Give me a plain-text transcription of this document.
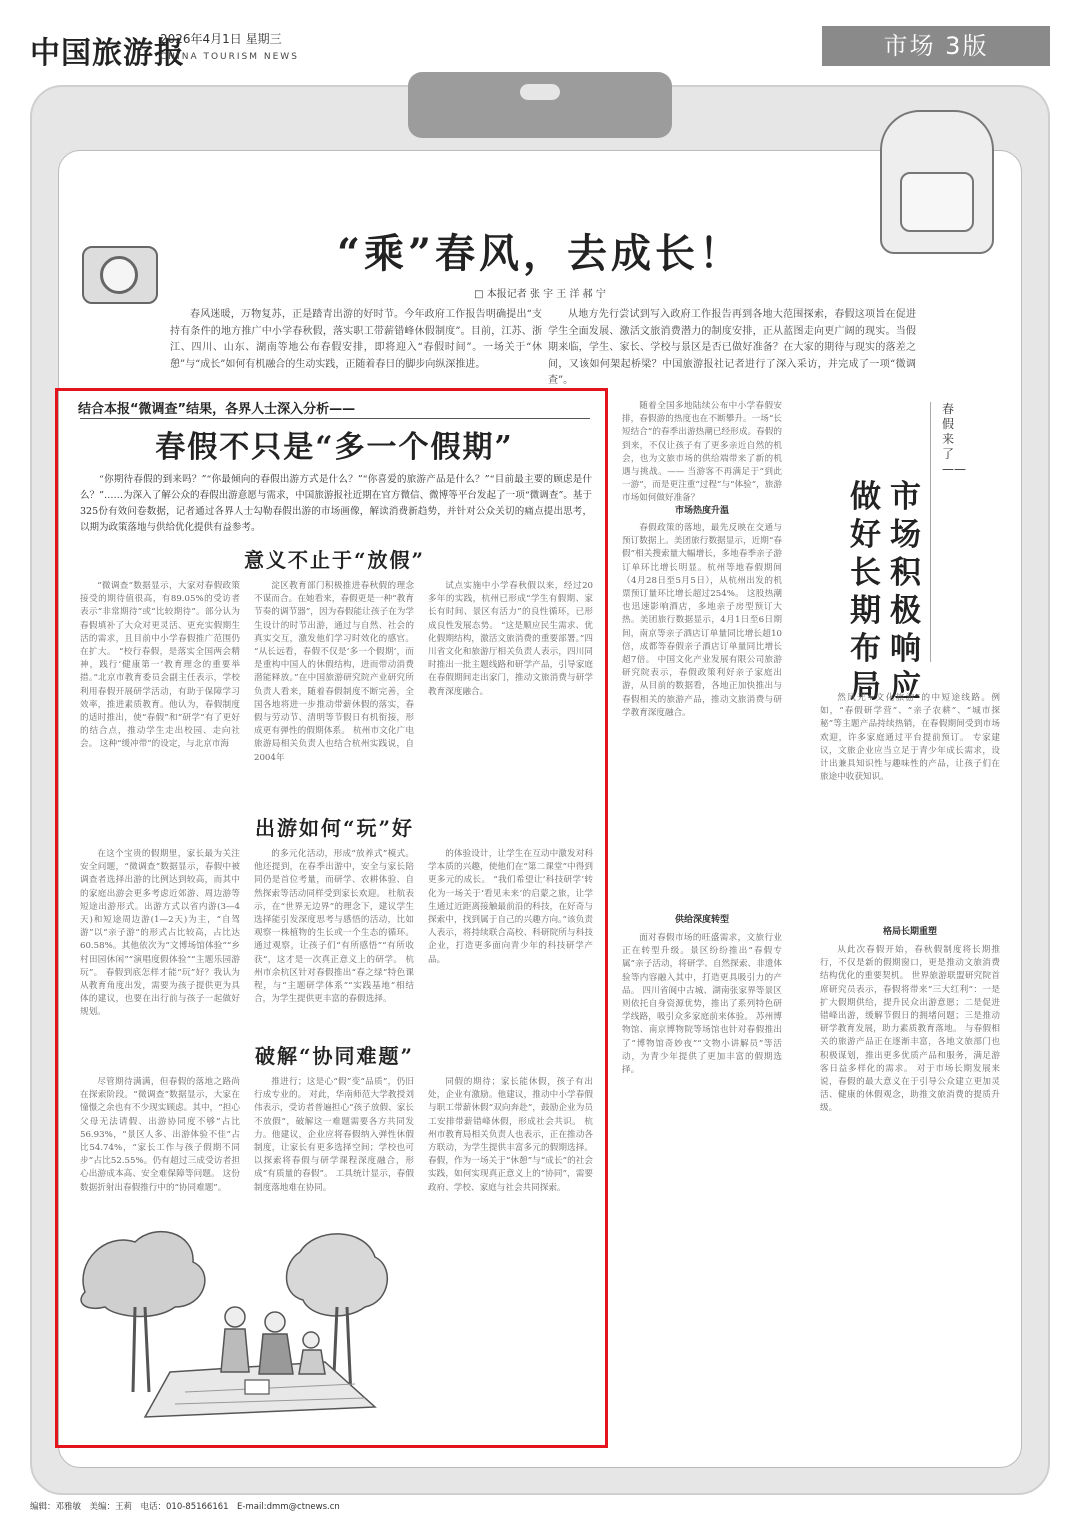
中国旅游报
2026年4月1日 星期三
CHINA TOURISM NEWS	市场 3版
“乘”春风，去成长！
□ 本报记者 张 宇 王 洋 郝 宁
春风迷暖，万物复苏，正是踏青出游的好时节。今年政府工作报告明确提出“支持有条件的地方推广中小学春秋假，落实职工带薪错峰休假制度”。目前，江苏、浙江、四川、山东、湖南等地公布春假安排，即将迎入“春假时间”。一场关于“休憩”与“成长”如何有机融合的生动实践，正随着春日的脚步向纵深推进。
从地方先行尝试到写入政府工作报告再到各地大范围探索，春假这项旨在促进学生全面发展、激活文旅消费潜力的制度安排，正从蓝图走向更广阔的现实。当假期来临，学生、家长、学校与景区是否已做好准备？在大家的期待与现实的落差之间，又该如何架起桥梁？中国旅游报社记者进行了深入采访，并完成了一项“微调查”。
结合本报“微调查”结果，各界人士深入分析——
春假不只是“多一个假期”
“你期待春假的到来吗？”“你最倾向的春假出游方式是什么？”“你喜爱的旅游产品是什么？”“目前最主要的顾虑是什么？”……为深入了解公众的春假出游意愿与需求，中国旅游报社近期在官方微信、微博等平台发起了一项“微调查”。基于325份有效问卷数据，记者通过各界人士勾勒春假出游的市场画像，解读消费新趋势，并针对公众关切的痛点提出思考，以期为政策落地与供给优化提供有益参考。
意义不止于“放假”

“微调查”数据显示，大家对春假政策接受的期待值很高，有89.05%的受访者表示“非常期待”或“比较期待”。部分认为春假填补了大众对更灵活、更充实假期生活的需求，且目前中小学春假推广范围仍在扩大。 “校行春假，是落实全国两会精神，践行‘健康第一’教育理念的重要举措。”北京市教育委员会副主任表示，学校利用春假开展研学活动，有助于保障学习效率，推进素质教育。他认为，春假制度的适时推出，使“春假”和“研学”有了更好的结合点，推动学生走出校园、走向社会。 这种“缓冲带”的设定，与北京市海

淀区教育部门积极推进春秋假的理念不谋而合。在她看来，春假更是一种“教育节奏的调节器”，因为春假能让孩子在为学生设计的时节出游，通过与自然、社会的真实交互，激发他们学习时效化的感官。 “从长远看，春假不仅是‘多一个假期’，而是重构中国人的休假结构，进而带动消费潜能释放。”在中国旅游研究院产业研究所负责人看来，随着春假制度不断完善，全国各地将进一步推动带薪休假的落实，春假与劳动节、清明等节假日有机衔接，形成更有弹性的假期体系。 杭州市文化广电旅游局相关负责人也结合杭州实践说，自2004年

试点实施中小学春秋假以来，经过20多年的实践，杭州已形成“学生有假期、家长有时间、景区有活力”的良性循环，已形成良性发展态势。 “这是顺应民生需求、优化假期结构，激活文旅消费的重要部署。”四川省文化和旅游厅相关负责人表示，四川同时推出一批主题线路和研学产品，引导家庭在春假期间走出家门，推动文旅消费与研学教育深度融合。

出游如何“玩”好

在这个宝贵的假期里，家长最为关注安全问题，“微调查”数据显示，春假中被调查者选择出游的比例达到较高，而其中的家庭出游会更多考虑近郊游、周边游等短途出游形式。出游方式以省内游(3—4天)和短途周边游(1—2天)为主，“自驾游”以“亲子游”的形式占比较高，占比达60.58%。其他依次为“文博场馆体验”“乡村田园休闲”“演唱度假体验”“主题乐园游玩”。 春假到底怎样才能“玩”好？我认为从教育角度出发，需要为孩子提供更为具体的建议，也要在出行前与孩子一起做好规划。

的多元化活动，形成“放养式”模式。他还提到，在春季出游中，安全与家长陪同仍是首位考量，而研学、农耕体验、自然探索等活动同样受到家长欢迎。 杜航表示，在“世界无边界”的理念下，建议学生选择能引发深度思考与感悟的活动，比如观察一株植物的生长或一个生态的循环。通过观察，让孩子们“有所感悟”“有所收获”，这才是一次真正意义上的研学。 杭州市余杭区针对春假推出“春之绿”特色课程，与“主题研学体系”“实践基地”相结合，为学生提供更丰富的春假选择。

的体验设计，让学生在互动中激发对科学本质的兴趣，使他们在“第二课堂”中得到更多元的成长。 “我们希望让‘科技研学’转化为一场关于‘看见未来’的启蒙之旅，让学生通过近距离接触最前沿的科技，在好奇与探索中，找到属于自己的兴趣方向。”该负责人表示，将持续联合高校、科研院所与科技企业，打造更多面向青少年的科技研学产品。

破解“协同难题”

尽管期待满满，但春假的落地之路尚在探索阶段。“微调查”数据显示，大家在憧憬之余也有不少现实顾虑。其中，“担心父母无法请假、出游协同度不够”占比56.93%，“景区人多、出游体验不佳”占比54.74%，“家长工作与孩子假期不同步”占比52.55%。仍有超过三成受访者担心出游成本高、安全难保障等问题。 这份数据折射出春假推行中的“协同难题”。

推进行；这是心“假”变“品质”，仍旧行成专业的。 对此，华南师范大学教授刘伟表示，受访者普遍担心“孩子放假、家长不放假”，破解这一难题需要各方共同发力。他建议，企业应将春假纳入弹性休假制度，让家长有更多选择空间；学校也可以探索将春假与研学课程深度融合，形成“有质量的春假”。 工具统计显示，春假制度落地难在协同。

同假的期待；家长能休假，孩子有出处，企业有激励。他建议，推动中小学春假与职工带薪休假“双向奔赴”，鼓励企业为员工安排带薪错峰休假，形成社会共识。 杭州市教育局相关负责人也表示，正在推动各方联动，为学生提供丰富多元的假期选择。 春假，作为一场关于“休憩”与“成长”的社会实践，如何实现真正意义上的“协同”，需要政府、学校、家庭与社会共同探索。

春假来了——
市场积极响应
做好长期布局

随着全国多地陆续公布中小学春假安排，春假游的热度也在不断攀升。一场“长短结合”的春季出游热潮已经形成。春假的到来，不仅让孩子有了更多亲近自然的机会，也为文旅市场的供给端带来了新的机遇与挑战。—— 当游客不再满足于“到此一游”，而是更注重“过程”与“体验”，旅游市场如何做好准备？

市场热度升温

春假政策的落地，最先反映在交通与预订数据上。美团旅行数据显示，近期“春假”相关搜索量大幅增长，多地春季亲子游订单环比增长明显。杭州等地春假期间（4月28日至5月5日），从杭州出发的机票预订量环比增长超过254%。 这股热潮也迅速影响酒店，多地亲子房型预订大热。美团旅行数据显示，4月1日至6日期间，南京等亲子酒店订单量同比增长超10倍，成都等春假亲子酒店订单量同比增长超7倍。 中国文化产业发展有限公司旅游研究院表示，春假政策利好亲子家庭出游，从目前的数据看，各地正加快推出与春假相关的旅游产品，推动文旅消费与研学教育深度融合。

供给深度转型

面对春假市场的旺盛需求，文旅行业正在转型升级。景区纷纷推出“春假专属”亲子活动，将研学、自然探索、非遗体验等内容融入其中，打造更具吸引力的产品。 四川省阆中古城、湖南张家界等景区则依托自身资源优势，推出了系列特色研学线路，吸引众多家庭前来体验。 苏州博物馆、南京博物院等场馆也针对春假推出了“博物馆奇妙夜”“文物小讲解员”等活动，为青少年提供了更加丰富的假期选择。

然风光+文化旅游”的中短途线路。例如，“春假研学营”、“亲子农耕”、“城市探秘”等主题产品持续热销，在春假期间受到市场欢迎，许多家庭通过平台提前预订。 专家建议，文旅企业应当立足于青少年成长需求，设计出兼具知识性与趣味性的产品，让孩子们在旅途中收获知识。

格局长期重塑

从此次春假开始，春秋假制度将长期推行，不仅是新的假期窗口，更是推动文旅消费结构优化的重要契机。 世界旅游联盟研究院首席研究员表示，春假将带来“三大红利”：一是扩大假期供给，提升民众出游意愿；二是促进错峰出游，缓解节假日的拥堵问题；三是推动研学教育发展，助力素质教育落地。 与春假相关的旅游产品正在逐渐丰富，各地文旅部门也积极谋划，推出更多优质产品和服务，满足游客日益多样化的需求。 对于市场长期发展来说，春假的最大意义在于引导公众建立更加灵活、健康的休假观念，助推文旅消费的提质升级。

编辑：邓雅敏　美编：王莉　电话：010-85166161　E-mail:dmm@ctnews.cn
